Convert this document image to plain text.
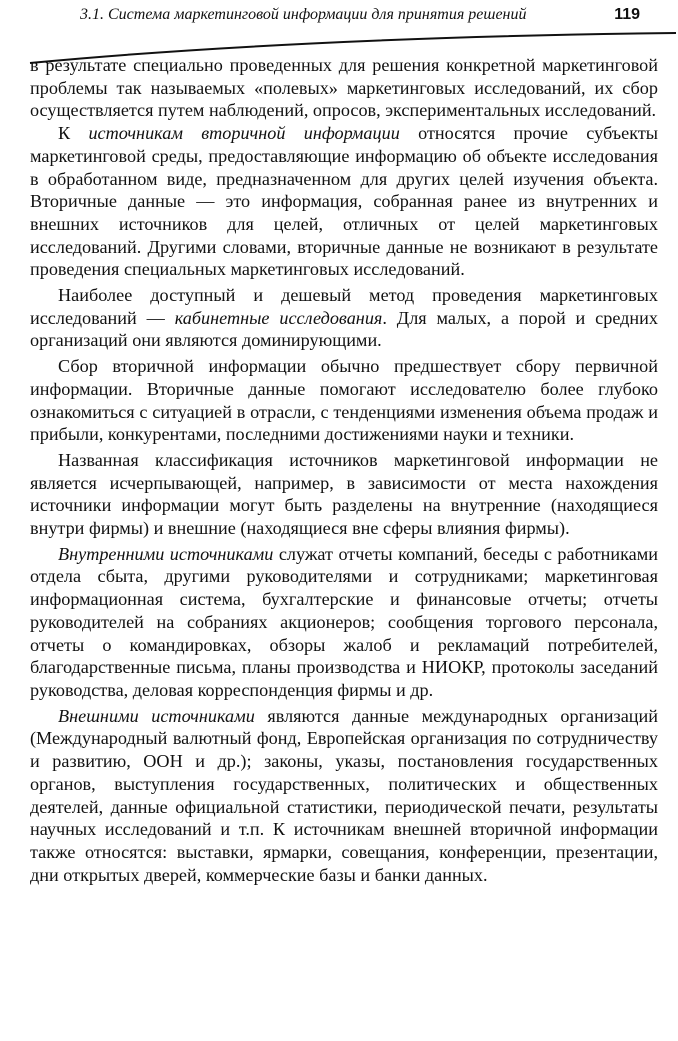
3.1. Система маркетинговой информации для принятия решений	119

в результате специально проведенных для решения конкретной маркетинговой проблемы так называемых «полевых» маркетинговых исследований, их сбор осуществляется путем наблюдений, опросов, экспериментальных исследований.

К источникам вторичной информации относятся прочие субъекты маркетинговой среды, предоставляющие информацию об объекте исследования в обработанном виде, предназначенном для других целей изучения объекта. Вторичные данные — это информация, собранная ранее из внутренних и внешних источников для целей, отличных от целей маркетинговых исследований. Другими словами, вторичные данные не возникают в результате проведения специальных маркетинговых исследований.

Наиболее доступный и дешевый метод проведения маркетинговых исследований — кабинетные исследования. Для малых, а порой и средних организаций они являются доминирующими.

Сбор вторичной информации обычно предшествует сбору первичной информации. Вторичные данные помогают исследователю более глубоко ознакомиться с ситуацией в отрасли, с тенденциями изменения объема продаж и прибыли, конкурентами, последними достижениями науки и техники.

Названная классификация источников маркетинговой информации не является исчерпывающей, например, в зависимости от места нахождения источники информации могут быть разделены на внутренние (находящиеся внутри фирмы) и внешние (находящиеся вне сферы влияния фирмы).

Внутренними источниками служат отчеты компаний, беседы с работниками отдела сбыта, другими руководителями и сотрудниками; маркетинговая информационная система, бухгалтерские и финансовые отчеты; отчеты руководителей на собраниях акционеров; сообщения торгового персонала, отчеты о командировках, обзоры жалоб и рекламаций потребителей, благодарственные письма, планы производства и НИОКР, протоколы заседаний руководства, деловая корреспонденция фирмы и др.

Внешними источниками являются данные международных организаций (Международный валютный фонд, Европейская организация по сотрудничеству и развитию, ООН и др.); законы, указы, постановления государственных органов, выступления государственных, политических и общественных деятелей, данные официальной статистики, периодической печати, результаты научных исследований и т.п. К источникам внешней вторичной информации также относятся: выставки, ярмарки, совещания, конференции, презентации, дни открытых дверей, коммерческие базы и банки данных.
